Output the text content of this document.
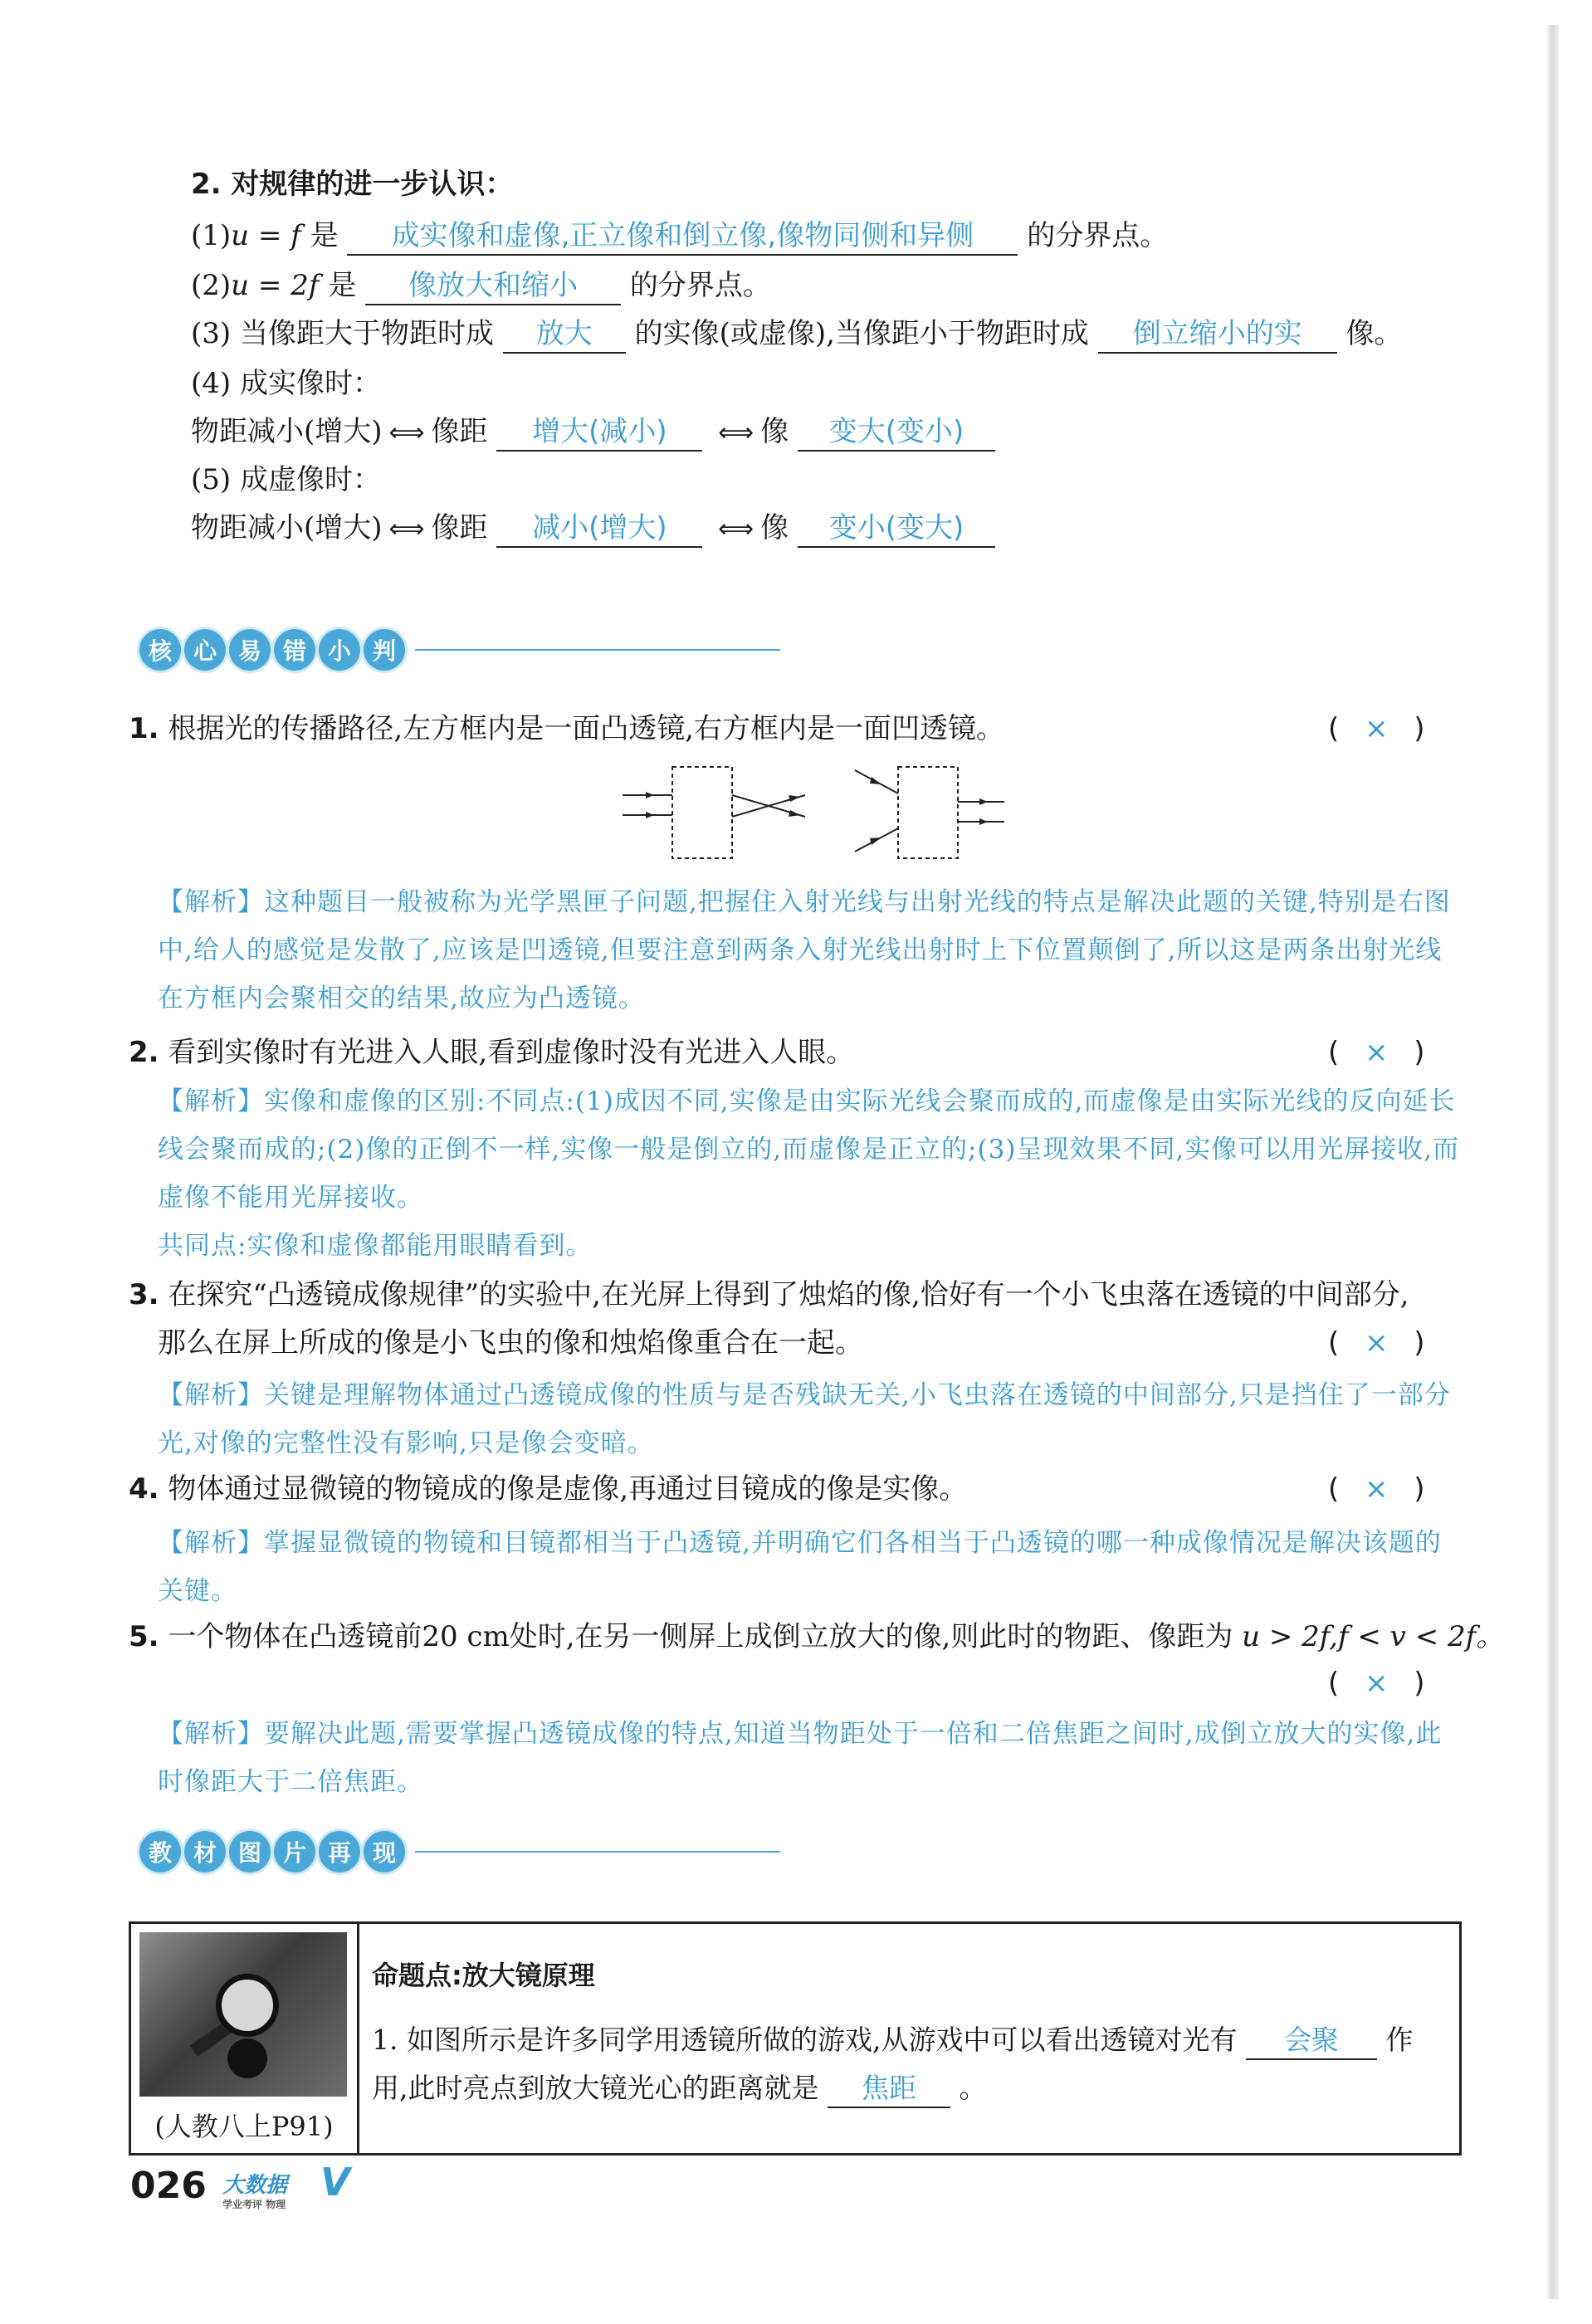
2. 对规律的进一步认识：
(1)u = f 是 成实像和虚像,正立像和倒立像,像物同侧和异侧 的分界点。
(2)u = 2f 是 像放大和缩小 的分界点。
(3) 当像距大于物距时成 放大 的实像(或虚像),当像距小于物距时成 倒立缩小的实 像。
(4) 成实像时：
物距减小(增大) ⟺ 像距 增大(减小) ⟺ 像 变大(变小)
(5) 成虚像时：
物距减小(增大) ⟺ 像距 减小(增大) ⟺ 像 变小(变大)
核 心 易 错 小 判
1. 根据光的传播路径,左方框内是一面凸透镜,右方框内是一面凹透镜。	( × )
【解析】这种题目一般被称为光学黑匣子问题,把握住入射光线与出射光线的特点是解决此题的关键,特别是右图中,给人的感觉是发散了,应该是凹透镜,但要注意到两条入射光线出射时上下位置颠倒了,所以这是两条出射光线在方框内会聚相交的结果,故应为凸透镜。
2. 看到实像时有光进入人眼,看到虚像时没有光进入人眼。	( × )
【解析】实像和虚像的区别:不同点:(1)成因不同,实像是由实际光线会聚而成的,而虚像是由实际光线的反向延长线会聚而成的;(2)像的正倒不一样,实像一般是倒立的,而虚像是正立的;(3)呈现效果不同,实像可以用光屏接收,而虚像不能用光屏接收。
共同点:实像和虚像都能用眼睛看到。
3. 在探究“凸透镜成像规律”的实验中,在光屏上得到了烛焰的像,恰好有一个小飞虫落在透镜的中间部分,
那么在屏上所成的像是小飞虫的像和烛焰像重合在一起。	( × )
【解析】关键是理解物体通过凸透镜成像的性质与是否残缺无关,小飞虫落在透镜的中间部分,只是挡住了一部分光,对像的完整性没有影响,只是像会变暗。
4. 物体通过显微镜的物镜成的像是虚像,再通过目镜成的像是实像。	( × )
【解析】掌握显微镜的物镜和目镜都相当于凸透镜,并明确它们各相当于凸透镜的哪一种成像情况是解决该题的关键。
5. 一个物体在凸透镜前20 cm处时,在另一侧屏上成倒立放大的像,则此时的物距、像距为 u > 2f,f < v < 2f。
( × )
【解析】要解决此题,需要掌握凸透镜成像的特点,知道当物距处于一倍和二倍焦距之间时,成倒立放大的实像,此时像距大于二倍焦距。
教 材 图 片 再 现
(人教八上P91)
命题点:放大镜原理
1. 如图所示是许多同学用透镜所做的游戏,从游戏中可以看出透镜对光有 会聚 作
用,此时亮点到放大镜光心的距离就是 焦距 。
026 大数据
学业考评 物理 V
